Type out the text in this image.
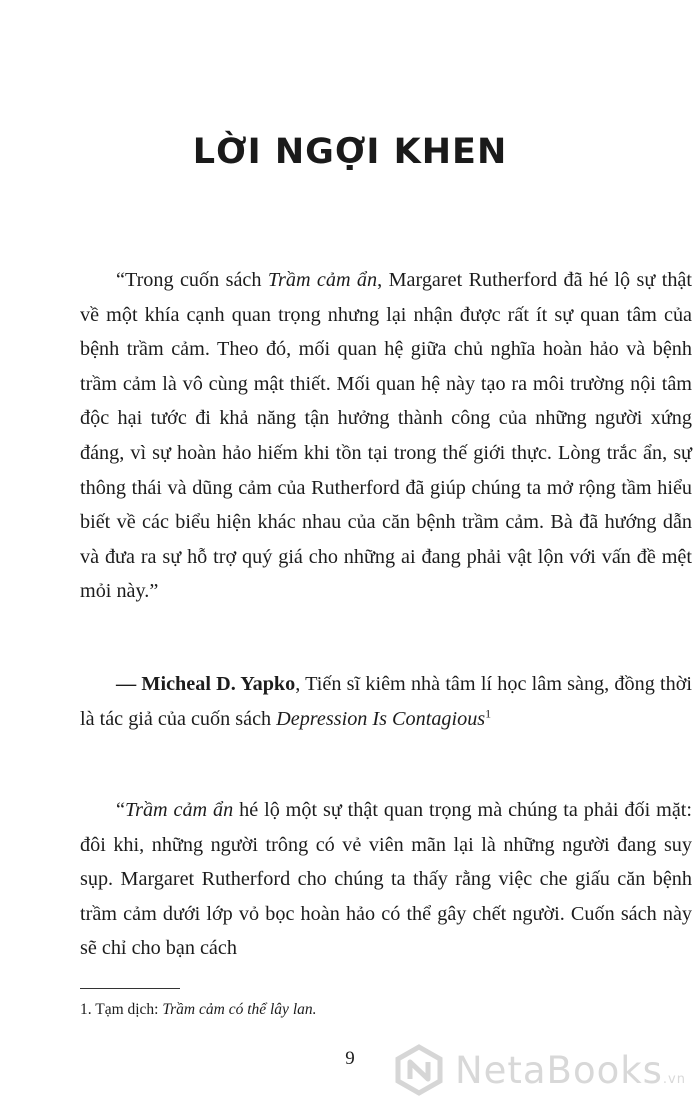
LỜI NGỢI KHEN

“Trong cuốn sách Trầm cảm ẩn, Margaret Rutherford đã hé lộ sự thật về một khía cạnh quan trọng nhưng lại nhận được rất ít sự quan tâm của bệnh trầm cảm. Theo đó, mối quan hệ giữa chủ nghĩa hoàn hảo và bệnh trầm cảm là vô cùng mật thiết. Mối quan hệ này tạo ra môi trường nội tâm độc hại tước đi khả năng tận hưởng thành công của những người xứng đáng, vì sự hoàn hảo hiếm khi tồn tại trong thế giới thực. Lòng trắc ẩn, sự thông thái và dũng cảm của Rutherford đã giúp chúng ta mở rộng tầm hiểu biết về các biểu hiện khác nhau của căn bệnh trầm cảm. Bà đã hướng dẫn và đưa ra sự hỗ trợ quý giá cho những ai đang phải vật lộn với vấn đề mệt mỏi này.”

— Micheal D. Yapko, Tiến sĩ kiêm nhà tâm lí học lâm sàng, đồng thời là tác giả của cuốn sách Depression Is Contagious$^1$

“Trầm cảm ẩn hé lộ một sự thật quan trọng mà chúng ta phải đối mặt: đôi khi, những người trông có vẻ viên mãn lại là những người đang suy sụp. Margaret Rutherford cho chúng ta thấy rằng việc che giấu căn bệnh trầm cảm dưới lớp vỏ bọc hoàn hảo có thể gây chết người. Cuốn sách này sẽ chỉ cho bạn cách

1. Tạm dịch: Trầm cảm có thể lây lan.
9	NetaBooks.vn
